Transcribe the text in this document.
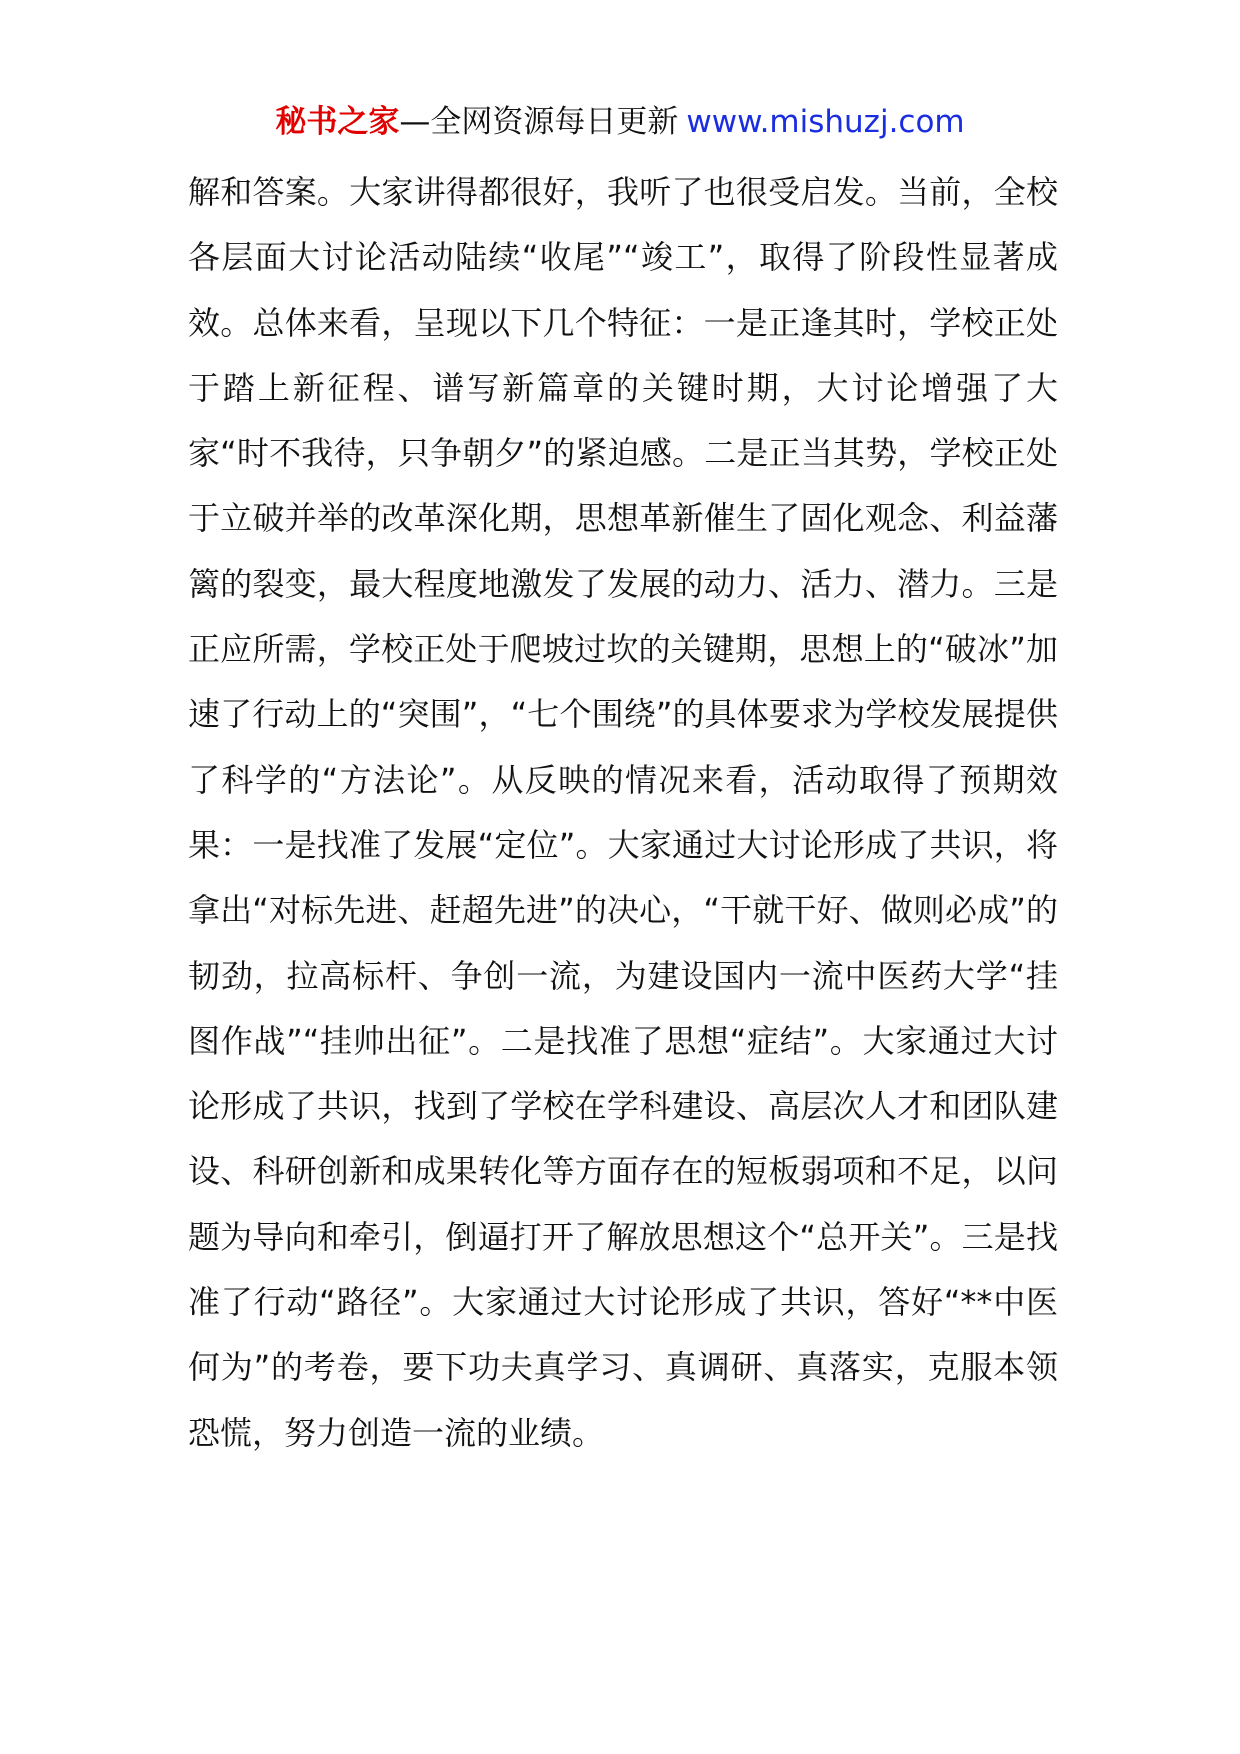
秘书之家—全网资源每日更新 www.mishuzj.com

解和答案。大家讲得都很好，我听了也很受启发。当前，全校各层面大讨论活动陆续“收尾”“竣工”，取得了阶段性显著成效。总体来看，呈现以下几个特征：一是正逢其时，学校正处于踏上新征程、谱写新篇章的关键时期，大讨论增强了大家“时不我待，只争朝夕”的紧迫感。二是正当其势，学校正处于立破并举的改革深化期，思想革新催生了固化观念、利益藩篱的裂变，最大程度地激发了发展的动力、活力、潜力。三是正应所需，学校正处于爬坡过坎的关键期，思想上的“破冰”加速了行动上的“突围”，“七个围绕”的具体要求为学校发展提供了科学的“方法论”。从反映的情况来看，活动取得了预期效果：一是找准了发展“定位”。大家通过大讨论形成了共识，将拿出“对标先进、赶超先进”的决心，“干就干好、做则必成”的韧劲，拉高标杆、争创一流，为建设国内一流中医药大学“挂图作战”“挂帅出征”。二是找准了思想“症结”。大家通过大讨论形成了共识，找到了学校在学科建设、高层次人才和团队建设、科研创新和成果转化等方面存在的短板弱项和不足，以问题为导向和牵引，倒逼打开了解放思想这个“总开关”。三是找准了行动“路径”。大家通过大讨论形成了共识，答好“**中医何为”的考卷，要下功夫真学习、真调研、真落实，克服本领恐慌，努力创造一流的业绩。
